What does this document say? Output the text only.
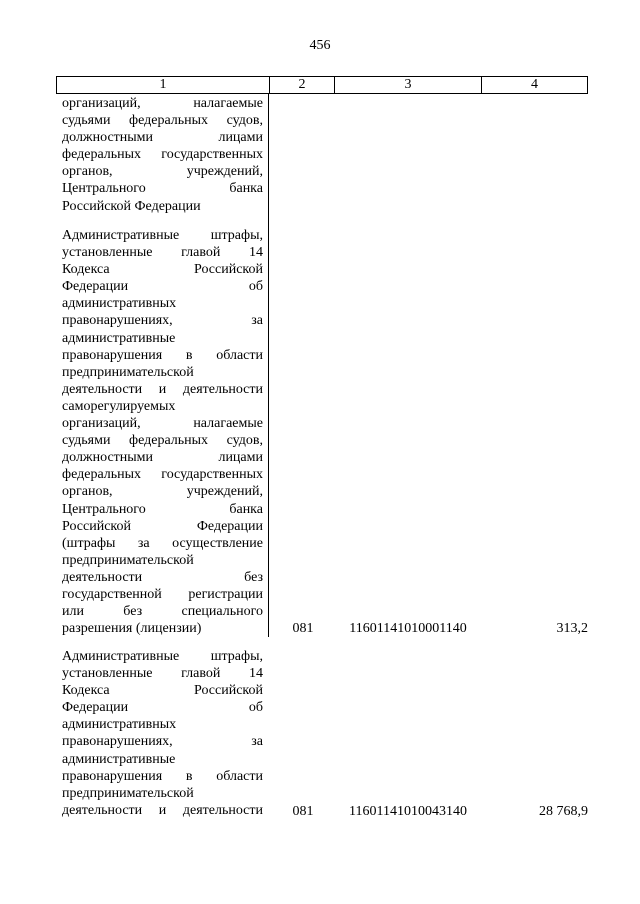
456
1	2	3	4
организаций, налагаемые
судьями федеральных судов,
должностными лицами
федеральных государственных
органов, учреждений,
Центрального банка
Российской Федерации
Административные штрафы,
установленные главой 14
Кодекса Российской
Федерации об
административных
правонарушениях, за
административные
правонарушения в области
предпринимательской
деятельности и деятельности
саморегулируемых
организаций, налагаемые
судьями федеральных судов,
должностными лицами
федеральных государственных
органов, учреждений,
Центрального банка
Российской Федерации
(штрафы за осуществление
предпринимательской
деятельности без
государственной регистрации
или без специального
разрешения (лицензии)	081	11601141010001140	313,2
Административные штрафы,
установленные главой 14
Кодекса Российской
Федерации об
административных
правонарушениях, за
административные
правонарушения в области
предпринимательской
деятельности и деятельности 081	11601141010043140	28 768,9
